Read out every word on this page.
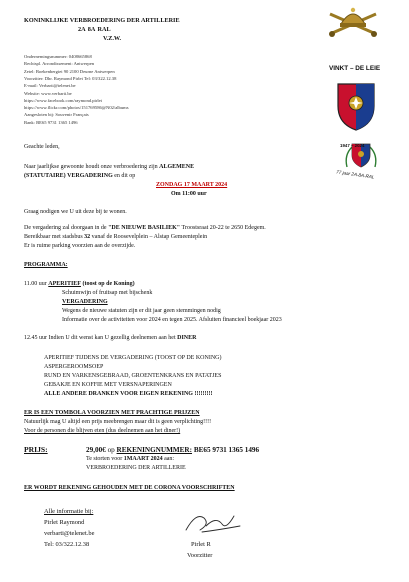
KONINKLIJKE VERBROEDERING DER ARTILLERIE
2A 8A RAL
V.Z.W.
Ondernemingsnummer: 0408665868
Rechtspl. Arrondissement: Antwerpen
Zetel: Boekenbergiei 90 2100 Deurne Antwerpen
Voorzitter: Dhr. Raymond Pirlet Tel: 03/322.12.38
E-mail: Verbarti@telenet.be
Website: www.verbarti.be
https://www.facebook.com/raymond.pirlet
https://www.flickr.com/photos/151769586@N02/albums
Aangesloten bij: Souvenir Français
Bank: BE65 9731 1365 1496
VINKT – DE LEIE
1947 – 2024
77 jaar 2A-8A-RAL
Geachte leden,
Naar jaarlijkse gewoonte houdt onze verbroedering zijn ALGEMENE
(STATUTAIRE) VERGADERING en dit op
ZONDAG 17 MAART 2024
Om 11:00 uur
Graag nodigen we U uit deze bij te wonen.
De vergadering zal doorgaan in de "DE NIEUWE BASILIEK" Troostsraat 20-22 te 2650 Edegem.
Bereikbaar met stadsbus 32 vanaf de Roosevelplein – Alstap Gemeenteplein
Er is ruime parking voorzien aan de overzijde.
PROGRAMMA:
11.00 uur APERITIEF (toost op de Koning)
Schuimwijn of fruitsap met bijschenk
VERGADERING
Wegens de nieuwe statuten zijn er dit jaar geen stemmingen nodig
Informatie over de activiteiten voor 2024 en tegen 2025. Afsluiten financieel boekjaar 2023
12.45 uur Indien U dit wenst kan U gezellig deelnemen aan het DINER
APERITIEF TIJDENS DE VERGADERING (TOOST OP DE KONING)
ASPERGEROOMSOEP
RUND EN VARKENSGEBRAAD, GROENTENKRANS EN PATATJES
GEBAKJE EN KOFFIE MET VERSNAPERINGEN
ALLE ANDERE DRANKEN VOOR EIGEN REKENING !!!!!!!!!
ER IS EEN TOMBOLA VOORZIEN MET PRACHTIGE PRIJZEN
Natuurlijk mag U altijd een prijs meebrengen maar dit is geen verplichting!!!!
Voor de personen die blijven eten (dus deelnemen aan het diner!)
PRIJS:	29,00€ op REKENINGNUMMER: BE65 9731 1365 1496
Te storten voor 1MAART 2024 aan:
VERBROEDERING DER ARTILLERIE
ER WORDT REKENING GEHOUDEN MET DE CORONA VOORSCHRIFTEN
Alle informatie bij:
Pirlet Raymond
verbarti@telenet.be
Tel: 03/322.12.38	Pirlet R
Voorzitter
